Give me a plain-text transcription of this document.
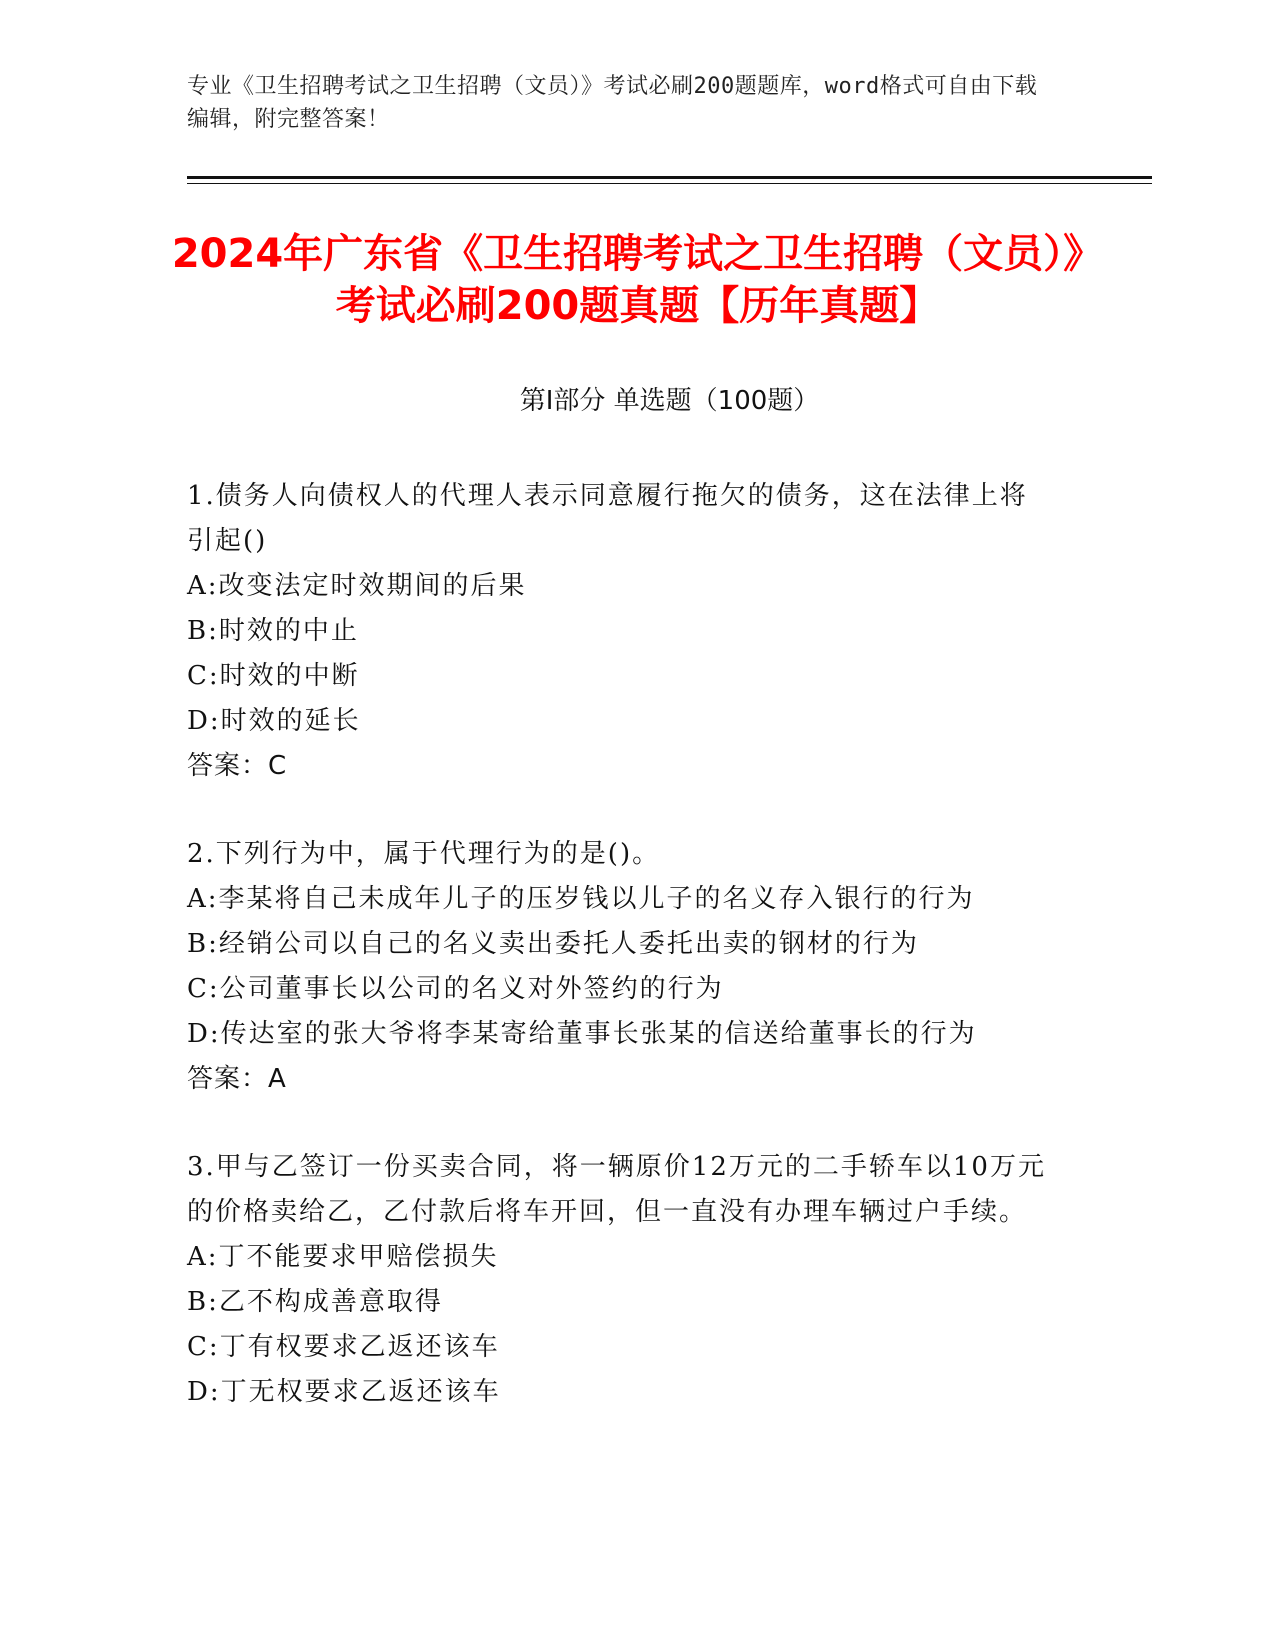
专业《卫生招聘考试之卫生招聘（文员）》考试必刷200题题库，word格式可自由下载编辑，附完整答案！
2024年广东省《卫生招聘考试之卫生招聘（文员）》考试必刷200题真题【历年真题】
第I部分 单选题（100题）

1.债务人向债权人的代理人表示同意履行拖欠的债务，这在法律上将引起()

A:改变法定时效期间的后果

B:时效的中止

C:时效的中断

D:时效的延长

答案：C

2.下列行为中，属于代理行为的是()。

A:李某将自己未成年儿子的压岁钱以儿子的名义存入银行的行为

B:经销公司以自己的名义卖出委托人委托出卖的钢材的行为

C:公司董事长以公司的名义对外签约的行为

D:传达室的张大爷将李某寄给董事长张某的信送给董事长的行为

答案：A

3.甲与乙签订一份买卖合同，将一辆原价12万元的二手轿车以10万元的价格卖给乙，乙付款后将车开回，但一直没有办理车辆过户手续。

A:丁不能要求甲赔偿损失

B:乙不构成善意取得

C:丁有权要求乙返还该车

D:丁无权要求乙返还该车
